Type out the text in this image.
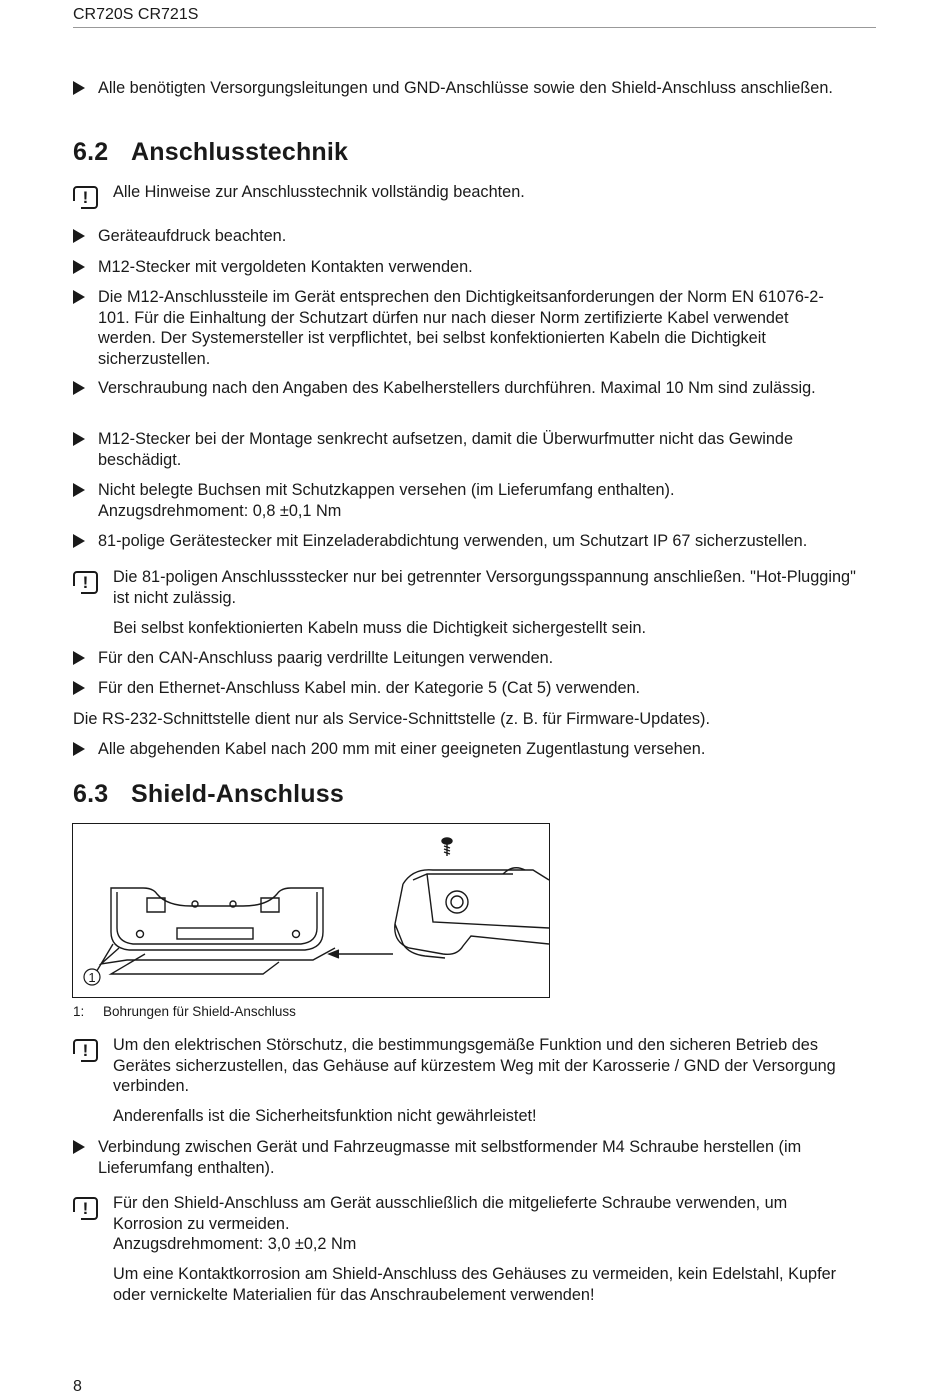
CR720S CR721S
Alle benötigten Versorgungsleitungen und GND-Anschlüsse sowie den Shield-Anschluss anschließen.
6.2 Anschlusstechnik
!	Alle Hinweise zur Anschlusstechnik vollständig beachten.
Geräteaufdruck beachten.
M12-Stecker mit vergoldeten Kontakten verwenden.
Die M12-Anschlussteile im Gerät entsprechen den Dichtigkeitsanforderungen der Norm EN 61076-2-101. Für die Einhaltung der Schutzart dürfen nur nach dieser Norm zertifizierte Kabel verwendet werden. Der Systemersteller ist verpflichtet, bei selbst konfektionierten Kabeln die Dichtigkeit sicherzustellen.
Verschraubung nach den Angaben des Kabelherstellers durchführen. Maximal 10 Nm sind zulässig.
M12-Stecker bei der Montage senkrecht aufsetzen, damit die Überwurfmutter nicht das Gewinde beschädigt.
Nicht belegte Buchsen mit Schutzkappen versehen (im Lieferumfang enthalten). Anzugsdrehmoment: 0,8 ±0,1 Nm
81-polige Gerätestecker mit Einzeladerabdichtung verwenden, um Schutzart IP 67 sicherzustellen.
!	Die 81-poligen Anschlussstecker nur bei getrennter Versorgungsspannung anschließen. "Hot-Plugging" ist nicht zulässig.
Bei selbst konfektionierten Kabeln muss die Dichtigkeit sichergestellt sein.
Für den CAN-Anschluss paarig verdrillte Leitungen verwenden.
Für den Ethernet-Anschluss Kabel min. der Kategorie 5 (Cat 5) verwenden.
Die RS-232-Schnittstelle dient nur als Service-Schnittstelle (z. B. für Firmware-Updates).
Alle abgehenden Kabel nach 200 mm mit einer geeigneten Zugentlastung versehen.
6.3 Shield-Anschluss
1
1: Bohrungen für Shield-Anschluss
!	Um den elektrischen Störschutz, die bestimmungsgemäße Funktion und den sicheren Betrieb des Gerätes sicherzustellen, das Gehäuse auf kürzestem Weg mit der Karosserie / GND der Versorgung verbinden.
Anderenfalls ist die Sicherheitsfunktion nicht gewährleistet!
Verbindung zwischen Gerät und Fahrzeugmasse mit selbstformender M4 Schraube herstellen (im Lieferumfang enthalten).
!	Für den Shield-Anschluss am Gerät ausschließlich die mitgelieferte Schraube verwenden, um Korrosion zu vermeiden.
Anzugsdrehmoment: 3,0 ±0,2 Nm
Um eine Kontaktkorrosion am Shield-Anschluss des Gehäuses zu vermeiden, kein Edelstahl, Kupfer oder vernickelte Materialien für das Anschraubelement verwenden!
8
